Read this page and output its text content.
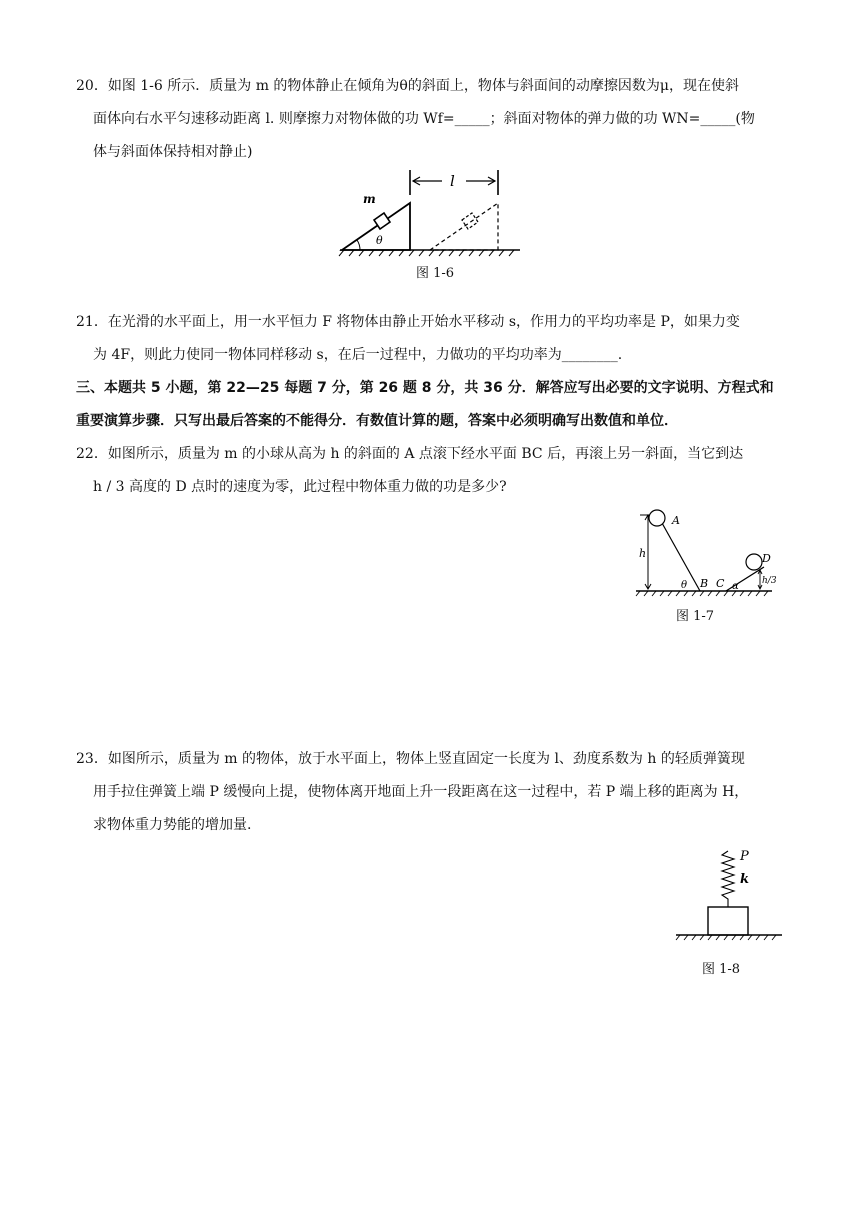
20．如图 1-6 所示．质量为 m 的物体静止在倾角为θ的斜面上，物体与斜面间的动摩擦因数为μ，现在使斜
面体向右水平匀速移动距离 l. 则摩擦力对物体做的功 Wf=_____；斜面对物体的弹力做的功 WN=_____(物
体与斜面体保持相对静止)
l
m
θ
图 1-6
21．在光滑的水平面上，用一水平恒力 F 将物体由静止开始水平移动 s，作用力的平均功率是 P，如果力变
为 4F，则此力使同一物体同样移动 s，在后一过程中，力做功的平均功率为________.
三、本题共 5 小题，第 22—25 每题 7 分，第 26 题 8 分，共 36 分．解答应写出必要的文字说明、方程式和
重要演算步骤．只写出最后答案的不能得分．有数值计算的题，答案中必须明确写出数值和单位．
22．如图所示，质量为 m 的小球从高为 h 的斜面的 A 点滚下经水平面 BC 后，再滚上另一斜面，当它到达
h / 3 高度的 D 点时的速度为零，此过程中物体重力做的功是多少?
h
A
θ B C α
D
h/3
图 1-7
23．如图所示，质量为 m 的物体，放于水平面上，物体上竖直固定一长度为 l、劲度系数为 h 的轻质弹簧现
用手拉住弹簧上端 P 缓慢向上提，使物体离开地面上升一段距离在这一过程中，若 P 端上移的距离为 H，
求物体重力势能的增加量.
P
k
图 1-8
